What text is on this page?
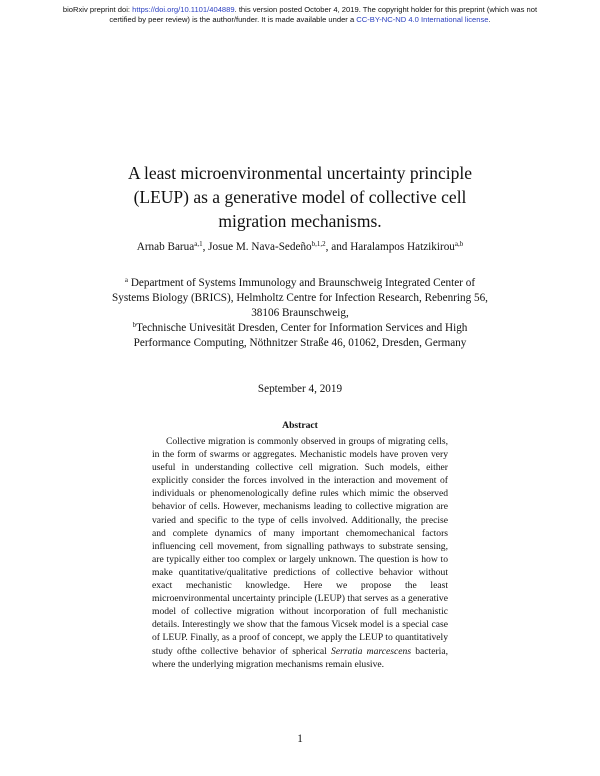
bioRxiv preprint doi: https://doi.org/10.1101/404889. this version posted October 4, 2019. The copyright holder for this preprint (which was not
certified by peer review) is the author/funder. It is made available under a CC-BY-NC-ND 4.0 International license.
A least microenvironmental uncertainty principle (LEUP) as a generative model of collective cell migration mechanisms.
Arnab Barua$^{a,1}$, Josue M. Nava-Sedeño$^{b,1,2}$, and Haralampos Hatzikirou$^{a,b}$
$^a$ Department of Systems Immunology and Braunschweig Integrated Center of Systems Biology (BRICS), Helmholtz Centre for Infection Research, Rebenring 56, 38106 Braunschweig,
$^b$Technische Univesität Dresden, Center for Information Services and High Performance Computing, Nöthnitzer Straße 46, 01062, Dresden, Germany
September 4, 2019
Abstract

Collective migration is commonly observed in groups of migrating cells, in the form of swarms or aggregates. Mechanistic models have proven very useful in understanding collective cell migration. Such models, either explicitly consider the forces involved in the interaction and movement of individuals or phenomenologically define rules which mimic the observed behavior of cells. However, mechanisms leading to collective migration are varied and specific to the type of cells involved. Additionally, the precise and complete dynamics of many important chemomechanical factors influencing cell movement, from signalling pathways to substrate sensing, are typically either too complex or largely unknown. The question is how to make quantitative/qualitative predictions of collective behavior without exact mechanistic knowledge. Here we propose the least microenvironmental uncertainty principle (LEUP) that serves as a generative model of collective migration without incorporation of full mechanistic details. Interestingly we show that the famous Vicsek model is a special case of LEUP. Finally, as a proof of concept, we apply the LEUP to quantitatively study ofthe collective behavior of spherical Serratia marcescens bacteria, where the underlying migration mechanisms remain elusive.

1
